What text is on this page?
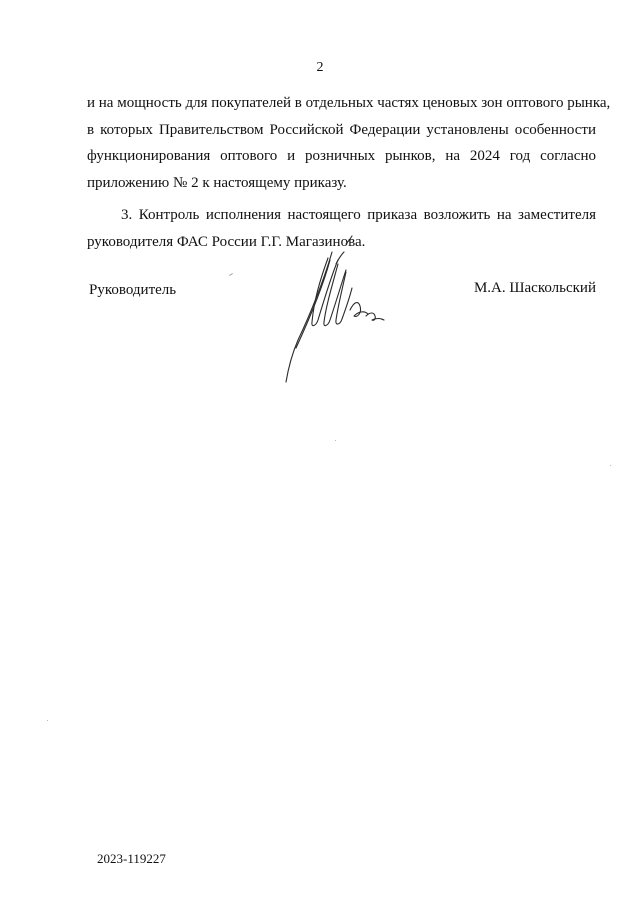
2

и на мощность для покупателей в отдельных частях ценовых зон оптового рынка,
в которых Правительством Российской Федерации установлены особенности
функционирования оптового и розничных рынков, на 2024 год согласно
приложению № 2 к настоящему приказу.

3. Контроль исполнения настоящего приказа возложить на заместителя
руководителя ФАС России Г.Г. Магазинова.

Руководитель	М.А. Шаскольский
2023-119227
